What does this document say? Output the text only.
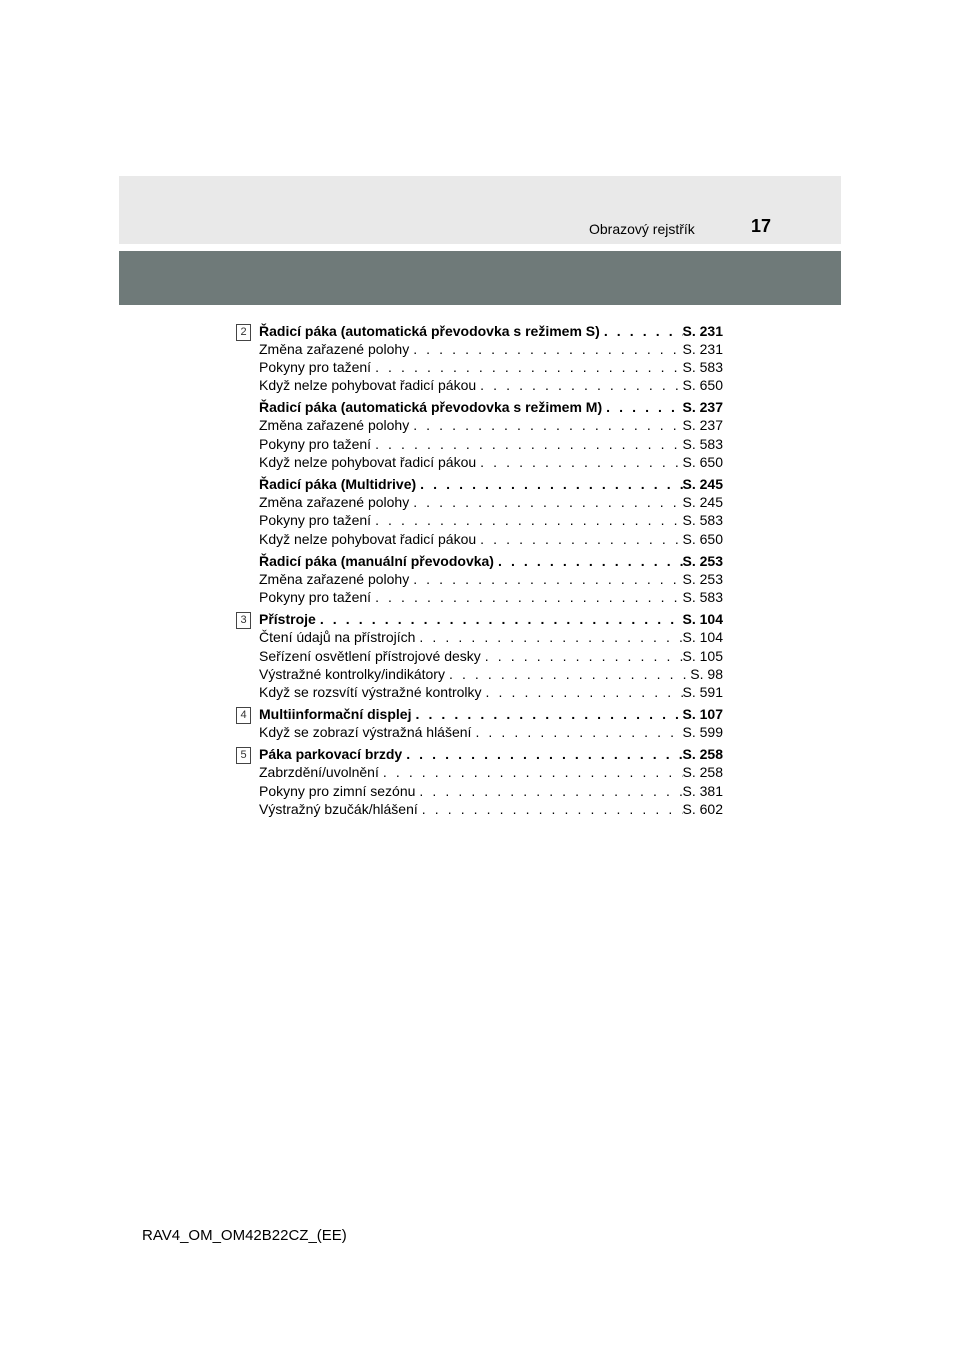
Obrazový rejstřík	17
2 Řadicí páka (automatická převodovka s režimem S) . . .	S. 231
Změna zařazené polohy . . .	S. 231
Pokyny pro tažení . . .	S. 583
Když nelze pohybovat řadicí pákou . . .	S. 650
Řadicí páka (automatická převodovka s režimem M) . . .	S. 237
Změna zařazené polohy . . .	S. 237
Pokyny pro tažení . . .	S. 583
Když nelze pohybovat řadicí pákou . . .	S. 650
Řadicí páka (Multidrive) . . .	S. 245
Změna zařazené polohy . . .	S. 245
Pokyny pro tažení . . .	S. 583
Když nelze pohybovat řadicí pákou . . .	S. 650
Řadicí páka (manuální převodovka) . . .	S. 253
Změna zařazené polohy . . .	S. 253
Pokyny pro tažení . . .	S. 583
3 Přístroje . . .	S. 104
Čtení údajů na přístrojích . . .	S. 104
Seřízení osvětlení přístrojové desky . . .	S. 105
Výstražné kontrolky/indikátory . . .	S. 98
Když se rozsvítí výstražné kontrolky . . .	S. 591
4 Multiinformační displej . . .	S. 107
Když se zobrazí výstražná hlášení . . .	S. 599
5 Páka parkovací brzdy . . .	S. 258
Zabrzdění/uvolnění . . .	S. 258
Pokyny pro zimní sezónu . . .	S. 381
Výstražný bzučák/hlášení . . .	S. 602
RAV4_OM_OM42B22CZ_(EE)
